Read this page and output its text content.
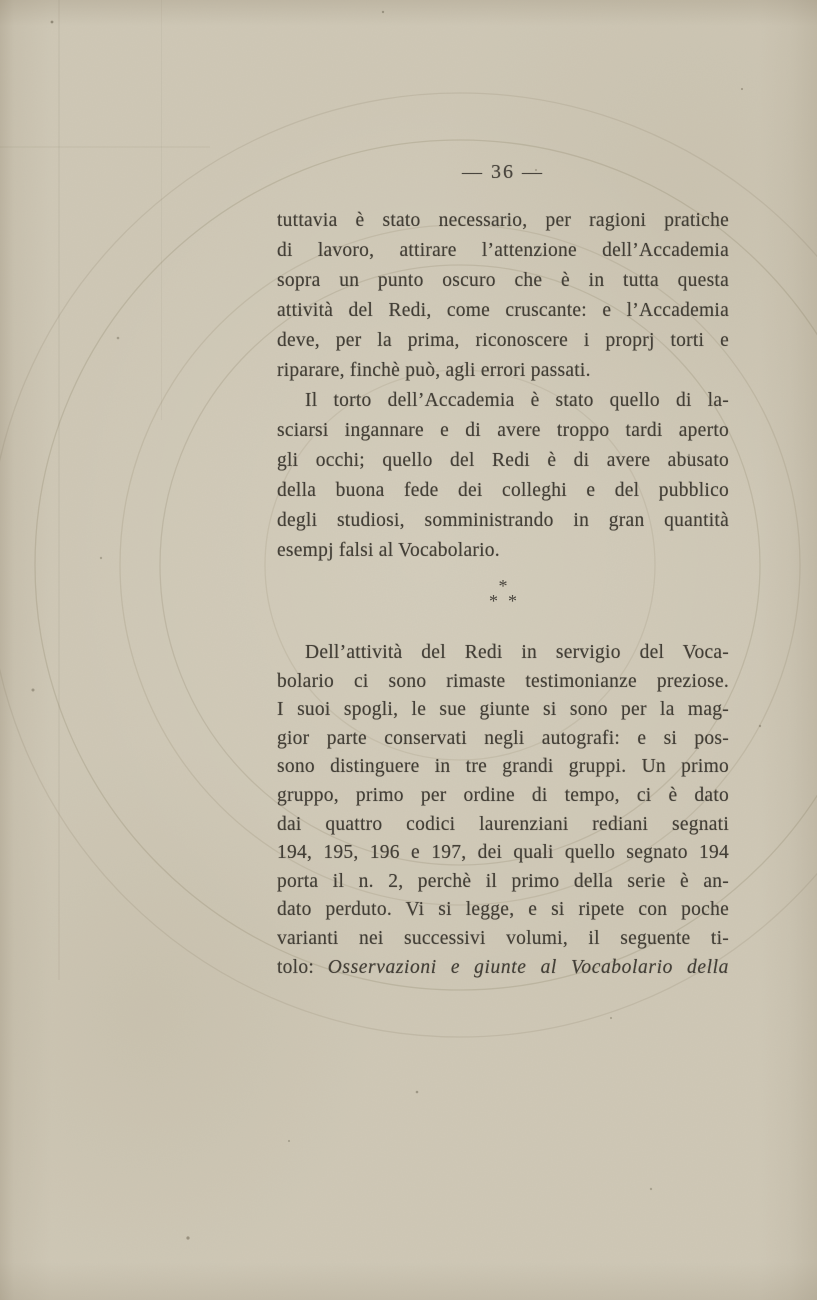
— 36 —
tuttavia è stato necessario, per ragioni pratiche
di lavoro, attirare l’attenzione dell’Accademia
sopra un punto oscuro che è in tutta questa
attività del Redi, come cruscante: e l’Accademia
deve, per la prima, riconoscere i proprj torti e
riparare, finchè può, agli errori passati.
Il torto dell’Accademia è stato quello di la-
sciarsi ingannare e di avere troppo tardi aperto
gli occhi; quello del Redi è di avere abusato
della buona fede dei colleghi e del pubblico
degli studiosi, somministrando in gran quantità
esempj falsi al Vocabolario.
*
* *
Dell’attività del Redi in servigio del Voca-
bolario ci sono rimaste testimonianze preziose.
I suoi spogli, le sue giunte si sono per la mag-
gior parte conservati negli autografi: e si pos-
sono distinguere in tre grandi gruppi. Un primo
gruppo, primo per ordine di tempo, ci è dato
dai quattro codici laurenziani rediani segnati
194, 195, 196 e 197, dei quali quello segnato 194
porta il n. 2, perchè il primo della serie è an-
dato perduto. Vi si legge, e si ripete con poche
varianti nei successivi volumi, il seguente ti-
tolo: Osservazioni e giunte al Vocabolario della
